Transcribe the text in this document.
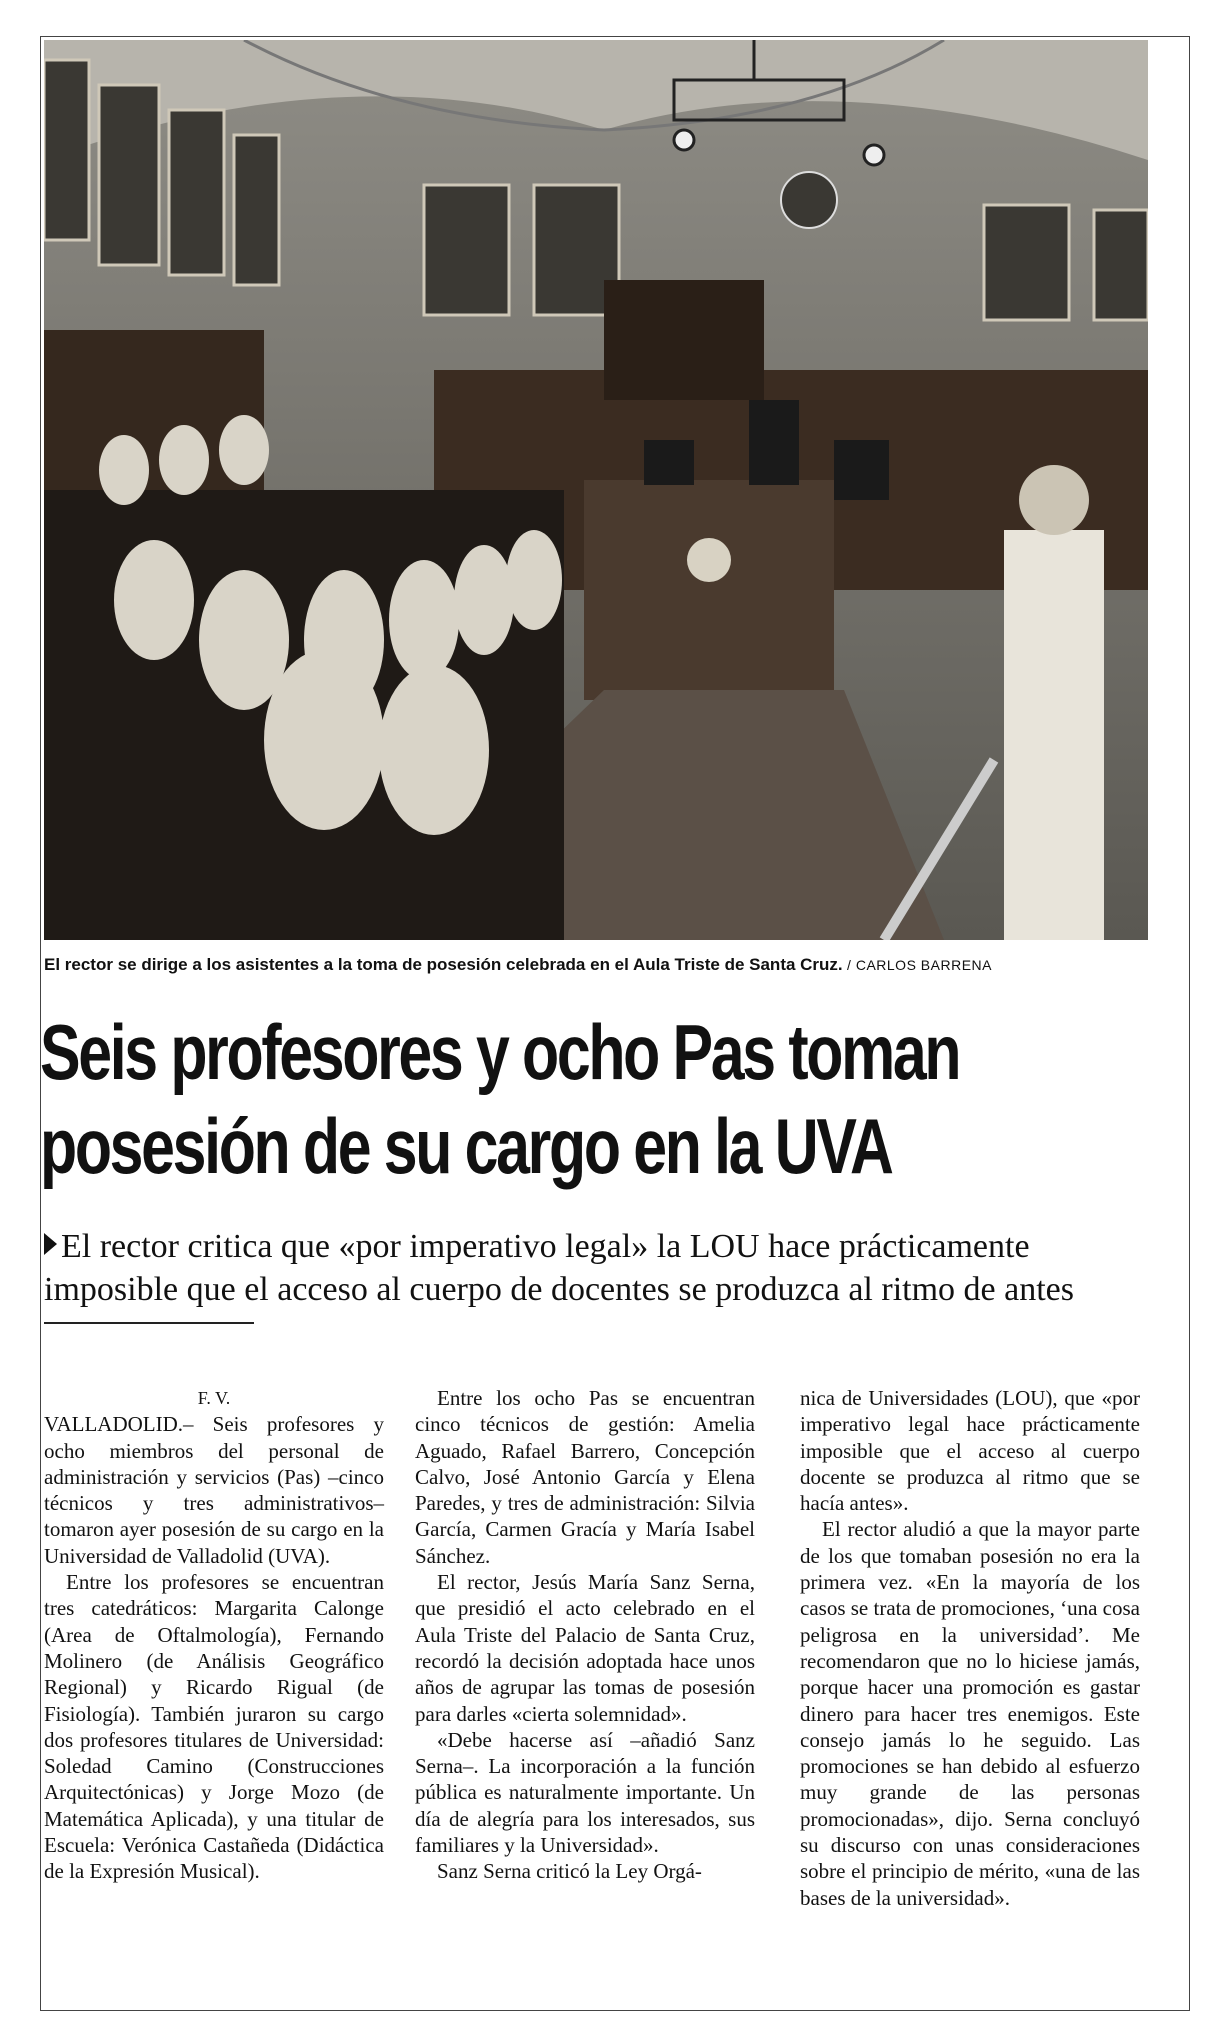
El rector se dirige a los asistentes a la toma de posesión celebrada en el Aula Triste de Santa Cruz. / CARLOS BARRENA
Seis profesores y ocho Pas toman
posesión de su cargo en la UVA
El rector critica que «por imperativo legal» la LOU hace prácticamente
imposible que el acceso al cuerpo de docentes se produzca al ritmo de antes

F. V.

VALLADOLID.– Seis profesores y ocho miembros del personal de administración y servicios (Pas) –cinco técnicos y tres administrativos– tomaron ayer posesión de su cargo en la Universidad de Valladolid (UVA).

Entre los profesores se encuentran tres catedráticos: Margarita Calonge (Area de Oftalmología), Fernando Molinero (de Análisis Geográfico Regional) y Ricardo Rigual (de Fisiología). También juraron su cargo dos profesores titulares de Universidad: Soledad Camino (Construcciones Arquitectónicas) y Jorge Mozo (de Matemática Aplicada), y una titular de Escuela: Verónica Castañeda (Didáctica de la Expresión Musical).

Entre los ocho Pas se encuentran cinco técnicos de gestión: Amelia Aguado, Rafael Barrero, Concepción Calvo, José Antonio García y Elena Paredes, y tres de administración: Silvia García, Carmen Gracía y María Isabel Sánchez.

El rector, Jesús María Sanz Serna, que presidió el acto celebrado en el Aula Triste del Palacio de Santa Cruz, recordó la decisión adoptada hace unos años de agrupar las tomas de posesión para darles «cierta solemnidad».

«Debe hacerse así –añadió Sanz Serna–. La incorporación a la función pública es naturalmente importante. Un día de alegría para los interesados, sus familiares y la Universidad».

Sanz Serna criticó la Ley Orgá-

nica de Universidades (LOU), que «por imperativo legal hace prácticamente imposible que el acceso al cuerpo docente se produzca al ritmo que se hacía antes».

El rector aludió a que la mayor parte de los que tomaban posesión no era la primera vez. «En la mayoría de los casos se trata de promociones, ‘una cosa peligrosa en la universidad’. Me recomendaron que no lo hiciese jamás, porque hacer una promoción es gastar dinero para hacer tres enemigos. Este consejo jamás lo he seguido. Las promociones se han debido al esfuerzo muy grande de las personas promocionadas», dijo. Serna concluyó su discurso con unas consideraciones sobre el principio de mérito, «una de las bases de la universidad».
